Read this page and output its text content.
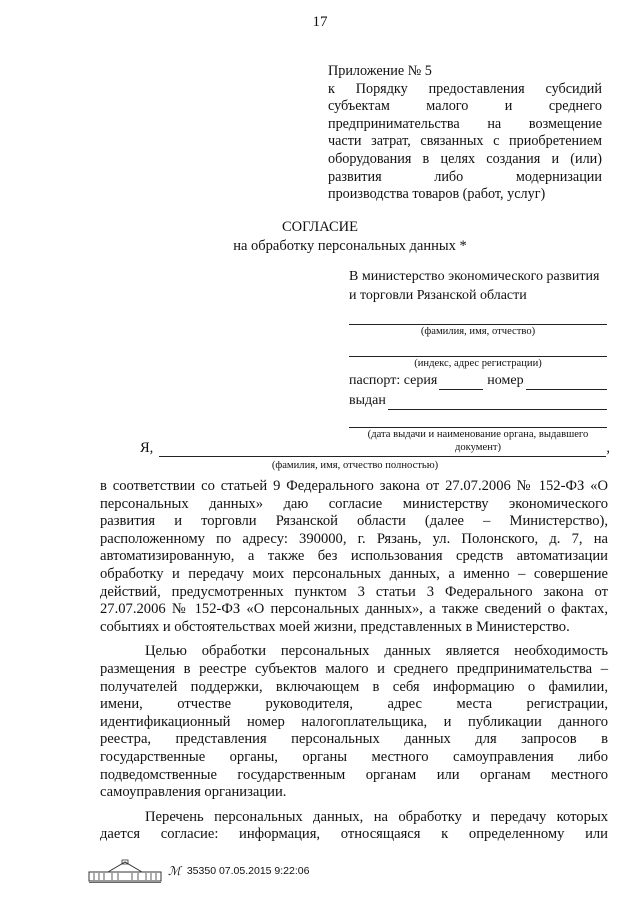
17
Приложение № 5
к Порядку предоставления субсидий
субъектам малого и среднего
предпринимательства на возмещение
части затрат, связанных с приобретением
оборудования в целях создания и (или)
развития либо модернизации
производства товаров (работ, услуг)
СОГЛАСИЕ
на обработку персональных данных *
В министерство экономического развития
и торговли Рязанской области
(фамилия, имя, отчество)
(индекс, адрес регистрации)
паспорт: серия	номер
выдан
(дата выдачи и наименование органа, выдавшего документ)
Я,	,
(фамилия, имя, отчество полностью)
в соответствии со статьей 9 Федерального закона от 27.07.2006 № 152-ФЗ «О
персональных данных» даю согласие министерству экономического
развития и торговли Рязанской области (далее – Министерство),
расположенному по адресу: 390000, г. Рязань, ул. Полонского, д. 7, на
автоматизированную, а также без использования средств автоматизации
обработку и передачу моих персональных данных, а именно – совершение
действий, предусмотренных пунктом 3 статьи 3 Федерального закона от
27.07.2006 № 152-ФЗ «О персональных данных», а также сведений о фактах,
событиях и обстоятельствах моей жизни, представленных в Министерство.
Целью обработки персональных данных является необходимость
размещения в реестре субъектов малого и среднего предпринимательства –
получателей поддержки, включающем в себя информацию о фамилии,
имени, отчестве руководителя, адрес места регистрации,
идентификационный номер налогоплательщика, и публикации данного
реестра, представления персональных данных для запросов в
государственные органы, органы местного самоуправления либо
подведомственные государственным органам или органам местного
самоуправления организации.
Перечень персональных данных, на обработку и передачу которых
дается согласие: информация, относящаяся к определенному или
ℳ 35350 07.05.2015 9:22:06
